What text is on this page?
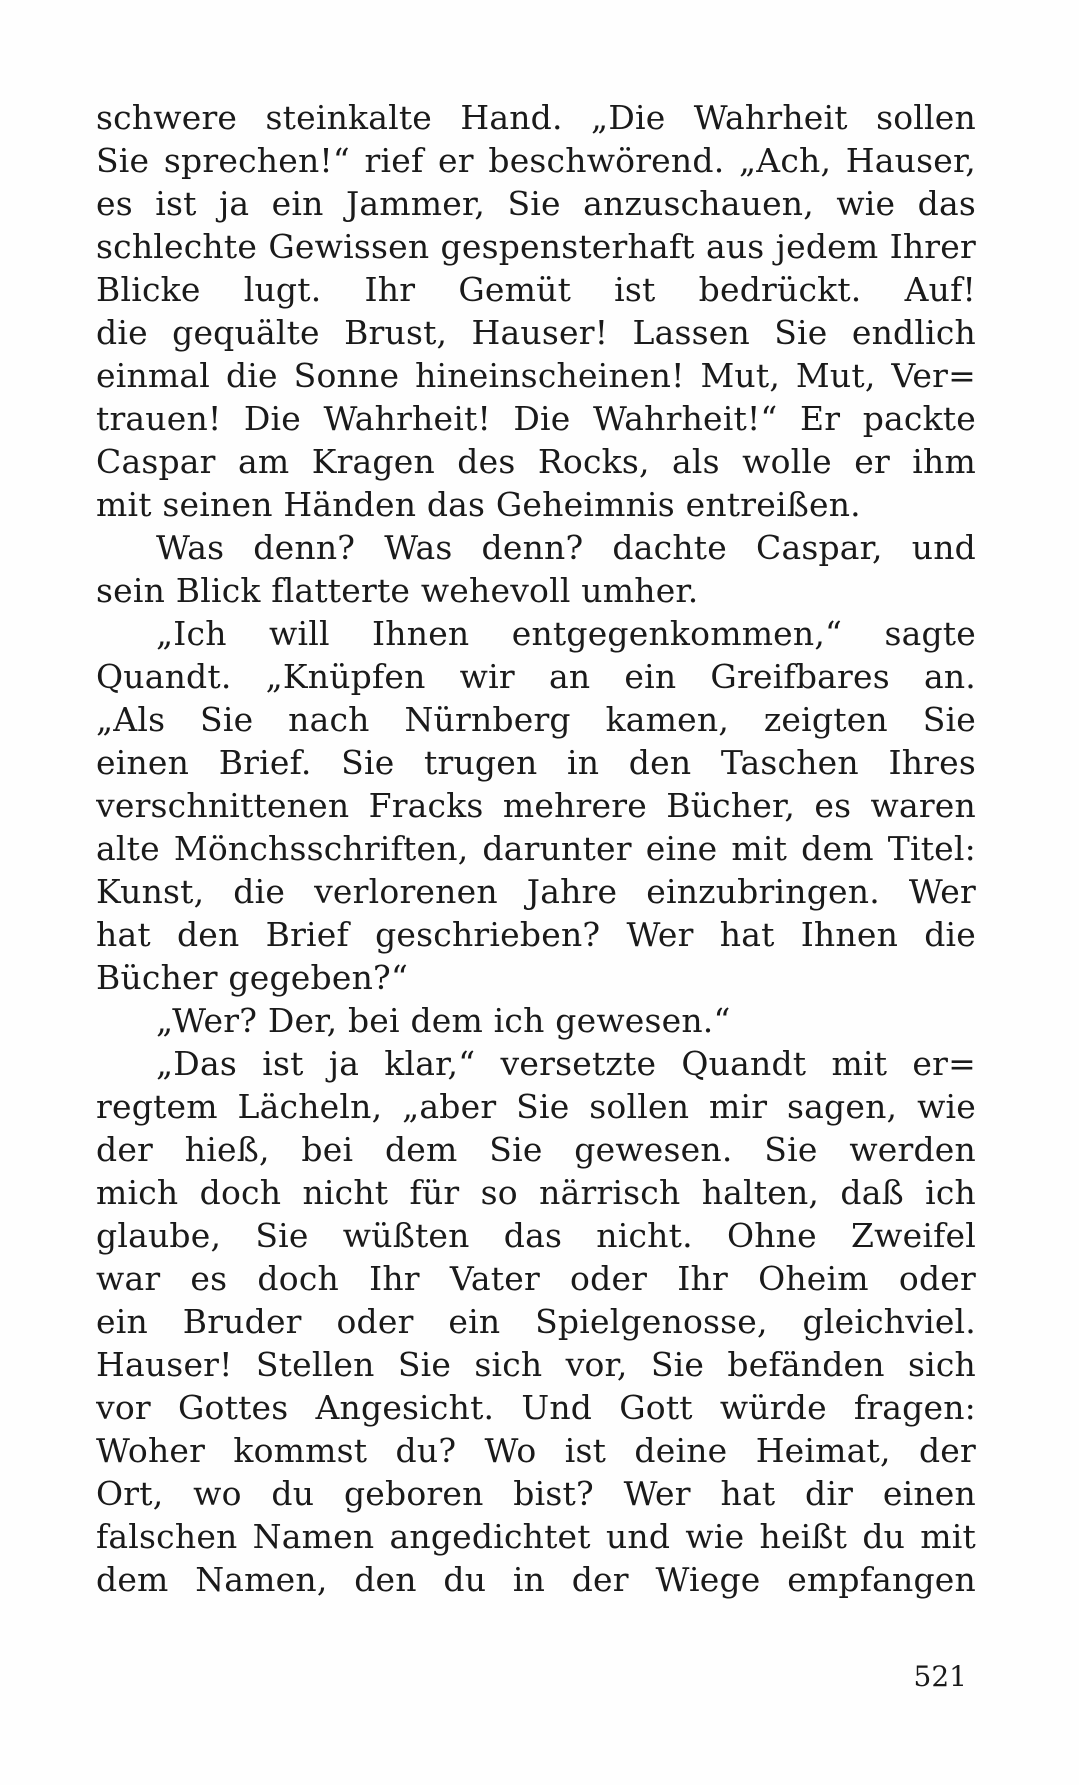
schwere steinkalte Hand. „Die Wahrheit sollen
Sie sprechen!“ rief er beschwörend. „Ach, Hauser,
es ist ja ein Jammer, Sie anzuschauen, wie das
schlechte Gewissen gespensterhaft aus jedem Ihrer
Blicke lugt. Ihr Gemüt ist bedrückt. Auf!
die gequälte Brust, Hauser! Lassen Sie endlich
einmal die Sonne hineinscheinen! Mut, Mut, Ver=
trauen! Die Wahrheit! Die Wahrheit!“ Er packte
Caspar am Kragen des Rocks, als wolle er ihm
mit seinen Händen das Geheimnis entreißen.
Was denn? Was denn? dachte Caspar, und
sein Blick flatterte wehevoll umher.
„Ich will Ihnen entgegenkommen,“ sagte
Quandt. „Knüpfen wir an ein Greifbares an.
„Als Sie nach Nürnberg kamen, zeigten Sie
einen Brief. Sie trugen in den Taschen Ihres
verschnittenen Fracks mehrere Bücher, es waren
alte Mönchsschriften, darunter eine mit dem Titel:
Kunst, die verlorenen Jahre einzubringen. Wer
hat den Brief geschrieben? Wer hat Ihnen die
Bücher gegeben?“
„Wer? Der, bei dem ich gewesen.“
„Das ist ja klar,“ versetzte Quandt mit er=
regtem Lächeln, „aber Sie sollen mir sagen, wie
der hieß, bei dem Sie gewesen. Sie werden
mich doch nicht für so närrisch halten, daß ich
glaube, Sie wüßten das nicht. Ohne Zweifel
war es doch Ihr Vater oder Ihr Oheim oder
ein Bruder oder ein Spielgenosse, gleichviel.
Hauser! Stellen Sie sich vor, Sie befänden sich
vor Gottes Angesicht. Und Gott würde fragen:
Woher kommst du? Wo ist deine Heimat, der
Ort, wo du geboren bist? Wer hat dir einen
falschen Namen angedichtet und wie heißt du mit
dem Namen, den du in der Wiege empfangen
521
